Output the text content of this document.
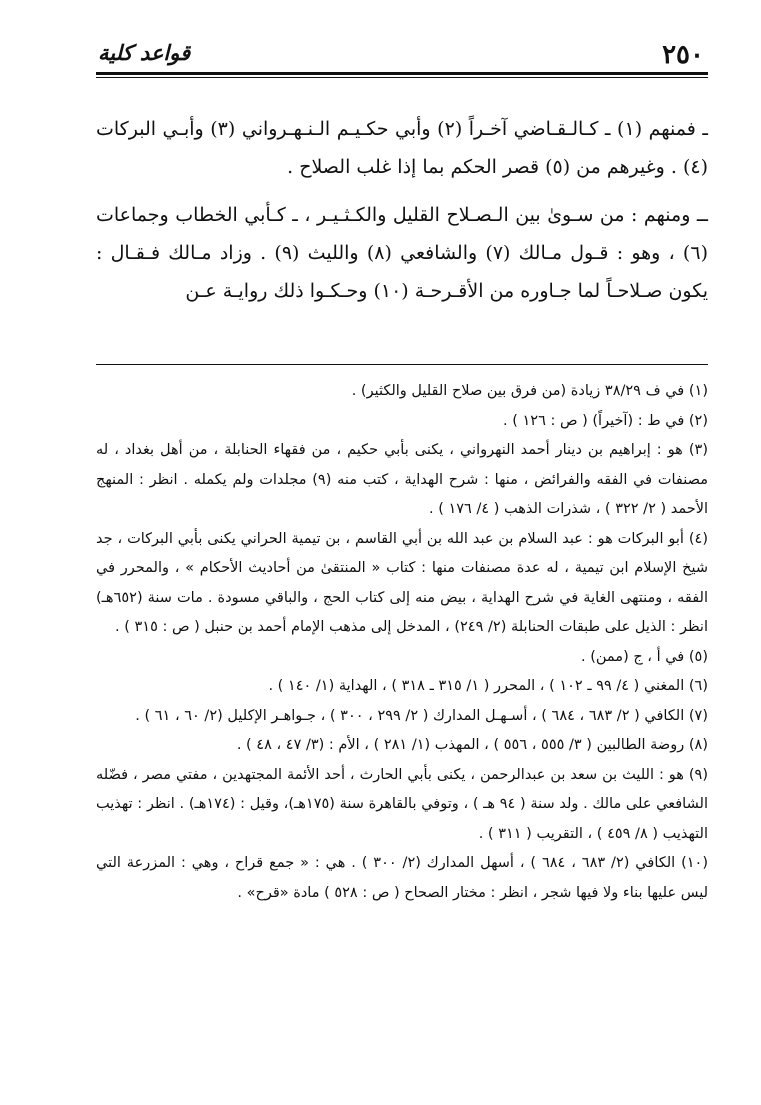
٢٥٠
قواعد كلية

ـ فمنهم (١) ـ كـالـقـاضي آخـراً (٢) وأبي حكـيـم الـنـهـرواني (٣) وأبـي البركات (٤) . وغيرهم من (٥) قصر الحكم بما إذا غلب الصلاح .

ــ ومنهم : من سـوىٰ بين الـصـلاح القليل والكـثـيـر ، ـ كـأبي الخطاب وجماعات (٦) ، وهو : قـول مـالك (٧) والشافعي (٨) والليث (٩) . وزاد مـالك فـقـال : يكون صـلاحـاً لما جـاوره من الأقـرحـة (١٠) وحـكـوا ذلك روايـة عـن

(١) في ف ٣٨/٢٩ زيادة (من فرق بين صلاح القليل والكثير) .

(٢) في ط : (آخيراً) ( ص : ١٢٦ ) .

(٣) هو : إبراهيم بن دينار أحمد النهرواني ، يكنى بأبي حكيم ، من فقهاء الحنابلة ، من أهل بغداد ، له مصنفات في الفقه والفرائض ، منها : شرح الهداية ، كتب منه (٩) مجلدات ولم يكمله . انظر : المنهج الأحمد ( ٢/ ٣٢٢ ) ، شذرات الذهب ( ٤/ ١٧٦ ) .

(٤) أبو البركات هو : عبد السلام بن عبد الله بن أبي القاسم ، بن تيمية الحراني يكنى بأبي البركات ، جد شيخ الإسلام ابن تيمية ، له عدة مصنفات منها : كتاب « المنتقىٰ من أحاديث الأحكام » ، والمحرر في الفقه ، ومنتهى الغاية في شرح الهداية ، بيض منه إلى كتاب الحج ، والباقي مسودة . مات سنة (٦٥٢هـ) انظر : الذيل على طبقات الحنابلة (٢/ ٢٤٩) ، المدخل إلى مذهب الإمام أحمد بن حنبل ( ص : ٣١٥ ) .

(٥) في أ ، ج (ممن) .

(٦) المغني ( ٤/ ٩٩ ـ ١٠٢ ) ، المحرر ( ١/ ٣١٥ ـ ٣١٨ ) ، الهداية (١/ ١٤٠ ) .

(٧) الكافي ( ٢/ ٦٨٣ ، ٦٨٤ ) ، أسـهـل المدارك ( ٢/ ٢٩٩ ، ٣٠٠ ) ، جـواهـر الإكليل (٢/ ٦٠ ، ٦١ ) .

(٨) روضة الطالبين ( ٣/ ٥٥٥ ، ٥٥٦ ) ، المهذب (١/ ٢٨١ ) ، الأم : (٣/ ٤٧ ، ٤٨ ) .

(٩) هو : الليث بن سعد بن عبدالرحمن ، يكنى بأبي الحارث ، أحد الأئمة المجتهدين ، مفتي مصر ، فضّله الشافعي على مالك . ولد سنة ( ٩٤ هـ ) ، وتوفي بالقاهرة سنة (١٧٥هـ)، وقيل : (١٧٤هـ) . انظر : تهذيب التهذيب ( ٨/ ٤٥٩ ) ، التقريب ( ٣١١ ) .

(١٠) الكافي (٢/ ٦٨٣ ، ٦٨٤ ) ، أسهل المدارك (٢/ ٣٠٠ ) . هي : « جمع قراح ، وهي : المزرعة التي ليس عليها بناء ولا فيها شجر ، انظر : مختار الصحاح ( ص : ٥٢٨ ) مادة «قرح» .
